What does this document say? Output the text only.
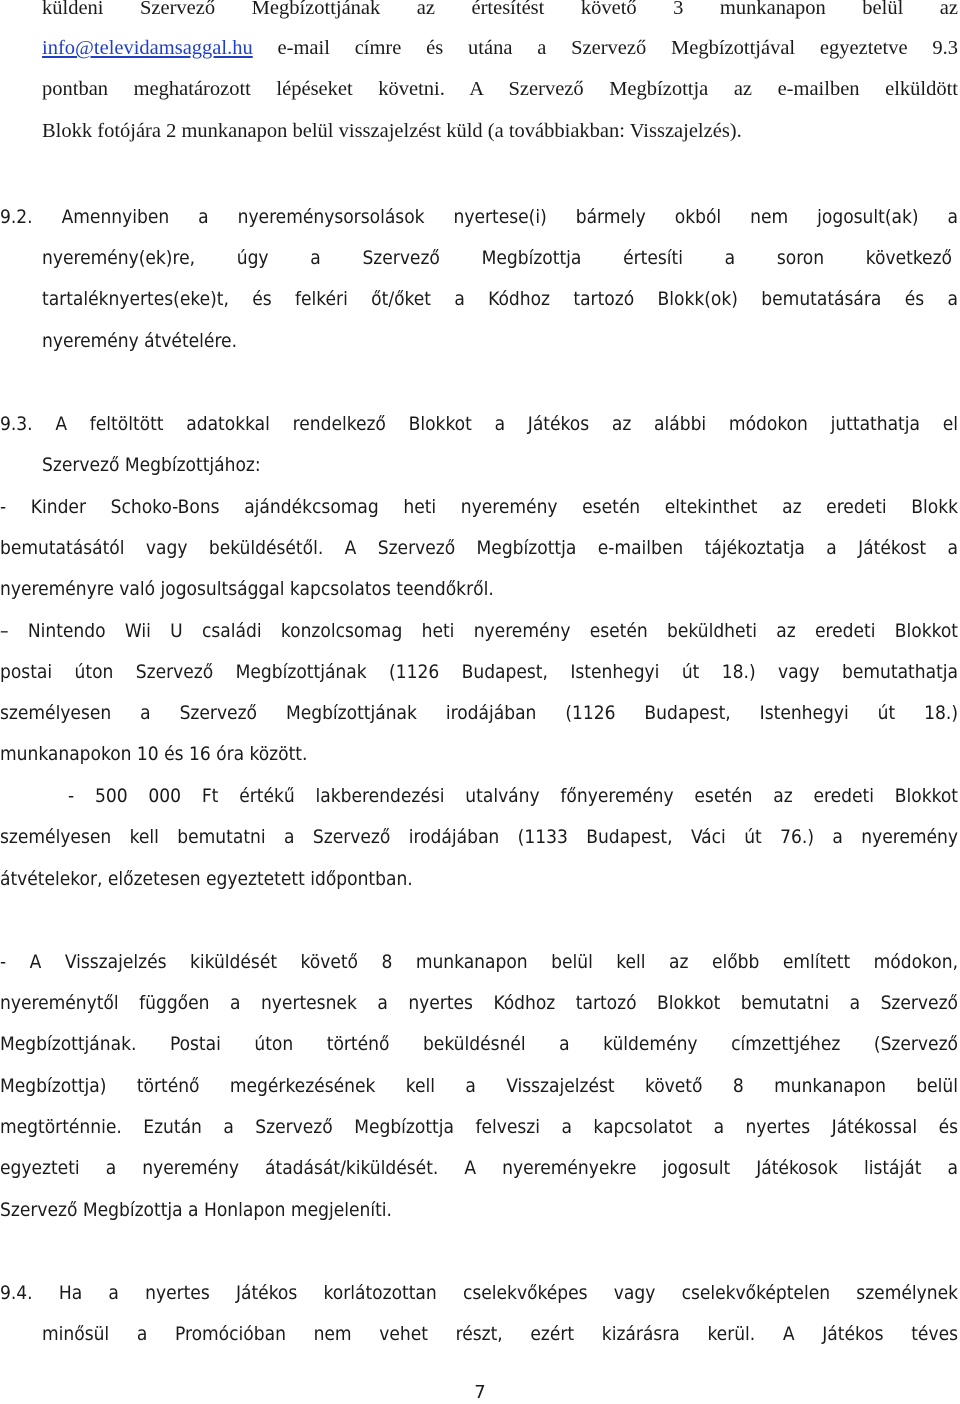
küldeni Szervező Megbízottjának az értesítést követő 3 munkanapon belül az
info@televidamsaggal.hu e-mail címre és utána a Szervező Megbízottjával egyeztetve 9.3
pontban meghatározott lépéseket követni. A Szervező Megbízottja az e-mailben elküldött
Blokk fotójára 2 munkanapon belül visszajelzést küld (a továbbiakban: Visszajelzés).
9.2. Amennyiben a nyereménysorsolások nyertese(i) bármely okból nem jogosult(ak) a
nyeremény(ek)re, úgy a Szervező Megbízottja értesíti a soron következő
tartaléknyertes(eke)t, és felkéri őt/őket a Kódhoz tartozó Blokk(ok) bemutatására és a
nyeremény átvételére.
9.3. A feltöltött adatokkal rendelkező Blokkot a Játékos az alábbi módokon juttathatja el
Szervező Megbízottjához:
- Kinder Schoko-Bons ajándékcsomag heti nyeremény esetén eltekinthet az eredeti Blokk
bemutatásától vagy beküldésétől. A Szervező Megbízottja e-mailben tájékoztatja a Játékost a
nyereményre való jogosultsággal kapcsolatos teendőkről.
– Nintendo Wii U családi konzolcsomag heti nyeremény esetén beküldheti az eredeti Blokkot
postai úton Szervező Megbízottjának (1126 Budapest, Istenhegyi út 18.) vagy bemutathatja
személyesen a Szervező Megbízottjának irodájában (1126 Budapest, Istenhegyi út 18.)
munkanapokon 10 és 16 óra között.
- 500 000 Ft értékű lakberendezési utalvány főnyeremény esetén az eredeti Blokkot
személyesen kell bemutatni a Szervező irodájában (1133 Budapest, Váci út 76.) a nyeremény
átvételekor, előzetesen egyeztetett időpontban.
- A Visszajelzés kiküldését követő 8 munkanapon belül kell az előbb említett módokon,
nyereménytől függően a nyertesnek a nyertes Kódhoz tartozó Blokkot bemutatni a Szervező
Megbízottjának. Postai úton történő beküldésnél a küldemény címzettjéhez (Szervező
Megbízottja) történő megérkezésének kell a Visszajelzést követő 8 munkanapon belül
megtörténnie. Ezután a Szervező Megbízottja felveszi a kapcsolatot a nyertes Játékossal és
egyezteti a nyeremény átadását/kiküldését. A nyereményekre jogosult Játékosok listáját a
Szervező Megbízottja a Honlapon megjeleníti.
9.4. Ha a nyertes Játékos korlátozottan cselekvőképes vagy cselekvőképtelen személynek
minősül a Promócióban nem vehet részt, ezért kizárásra kerül. A Játékos téves
7
